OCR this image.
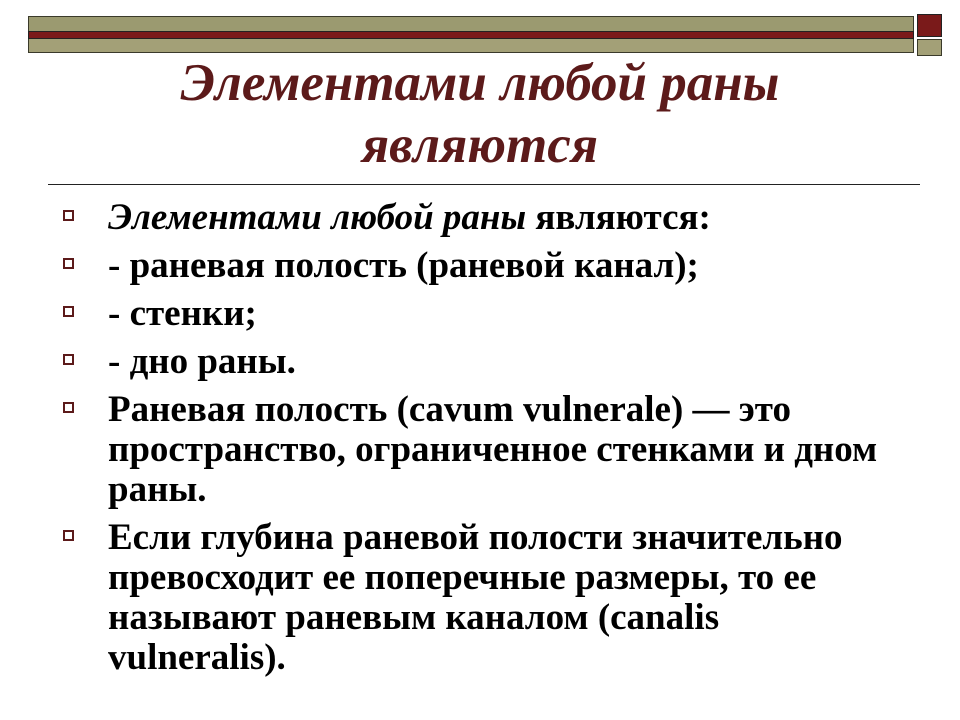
Элементами любой раны
являются
Элементами любой раны являются:
- раневая полость (раневой канал);
- стенки;
- дно раны.
Раневая полость (cavum vulnerale) — это
пространство, ограниченное стенками и дном
раны.
Если глубина раневой полости значительно
превосходит ее поперечные размеры, то ее
называют раневым каналом (canalis
vulneralis).
